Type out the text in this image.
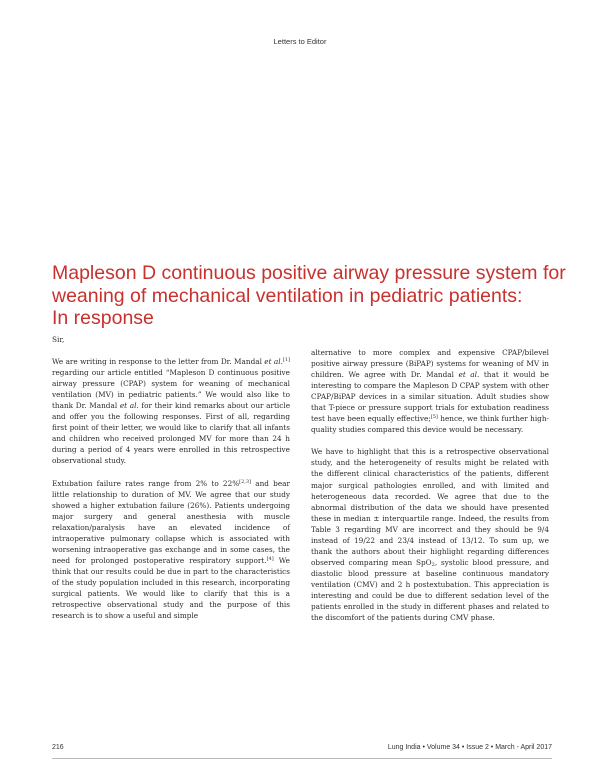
Letters to Editor
Mapleson D continuous positive airway pressure system for
weaning of mechanical ventilation in pediatric patients:
In response

Sir,

We are writing in response to the letter from Dr. Mandal et al.[1] regarding our article entitled “Mapleson D continuous positive airway pressure (CPAP) system for weaning of mechanical ventilation (MV) in pediatric patients.” We would also like to thank Dr. Mandal et al. for their kind remarks about our article and offer you the following responses. First of all, regarding first point of their letter, we would like to clarify that all infants and children who received prolonged MV for more than 24 h during a period of 4 years were enrolled in this retrospective observational study.

Extubation failure rates range from 2% to 22%[2,3] and bear little relationship to duration of MV. We agree that our study showed a higher extubation failure (26%). Patients undergoing major surgery and general anesthesia with muscle relaxation/paralysis have an elevated incidence of intraoperative pulmonary collapse which is associated with worsening intraoperative gas exchange and in some cases, the need for prolonged postoperative respiratory support.[4] We think that our results could be due in part to the characteristics of the study population included in this research, incorporating surgical patients. We would like to clarify that this is a retrospective observational study and the purpose of this research is to show a useful and simple

alternative to more complex and expensive CPAP/bilevel positive airway pressure (BiPAP) systems for weaning of MV in children. We agree with Dr. Mandal et al. that it would be interesting to compare the Mapleson D CPAP system with other CPAP/BiPAP devices in a similar situation. Adult studies show that T-piece or pressure support trials for extubation readiness test have been equally effective;[5] hence, we think further high-quality studies compared this device would be necessary.

We have to highlight that this is a retrospective observational study, and the heterogeneity of results might be related with the different clinical characteristics of the patients, different major surgical pathologies enrolled, and with limited and heterogeneous data recorded. We agree that due to the abnormal distribution of the data we should have presented these in median ± interquartile range. Indeed, the results from Table 3 regarding MV are incorrect and they should be 9/4 instead of 19/22 and 23/4 instead of 13/12. To sum up, we thank the authors about their highlight regarding differences observed comparing mean SpO$_2$, systolic blood pressure, and diastolic blood pressure at baseline continuous mandatory ventilation (CMV) and 2 h postextubation. This appreciation is interesting and could be due to different sedation level of the patients enrolled in the study in different phases and related to the discomfort of the patients during CMV phase.

216	Lung India • Volume 34 • Issue 2 • March - April 2017
